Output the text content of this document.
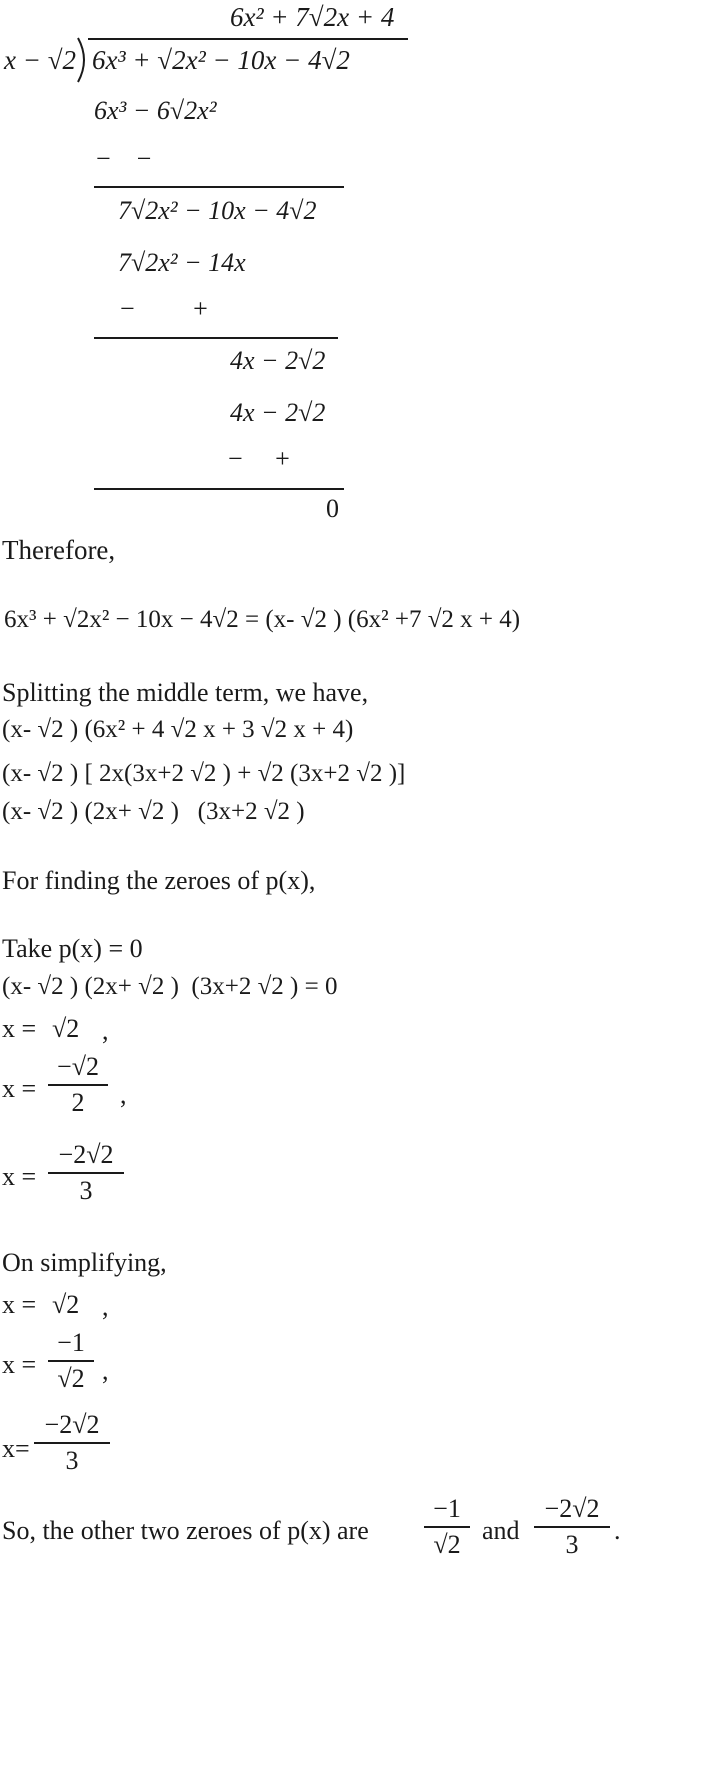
6x² + 7√2x + 4
x − √2 6x³ + √2x² − 10x − 4√2
6x³ − 6√2x²
−    −
7√2x² − 10x − 4√2
7√2x² − 14x
−         +
4x − 2√2
4x − 2√2
−     +
0
Therefore,
6x³ + √2x² − 10x − 4√2 = (x- √2 ) (6x² +7 √2 x + 4)
Splitting the middle term, we have,
(x- √2 ) (6x² + 4 √2 x + 3 √2 x + 4)
(x- √2 ) [ 2x(3x+2 √2 ) + √2 (3x+2 √2 )]
(x- √2 ) (2x+ √2 )   (3x+2 √2 )
For finding the zeroes of p(x),
Take p(x) = 0
(x- √2 ) (2x+ √2 )  (3x+2 √2 ) = 0
x = √2 ,
x =
−√2
2	,
x =
−2√2
3
On simplifying,
x = √2 ,
x =
−1
√2 ,
x=
−2√2
3
So, the other two zeroes of p(x) are
−1
√2 and
−2√2
3	.
